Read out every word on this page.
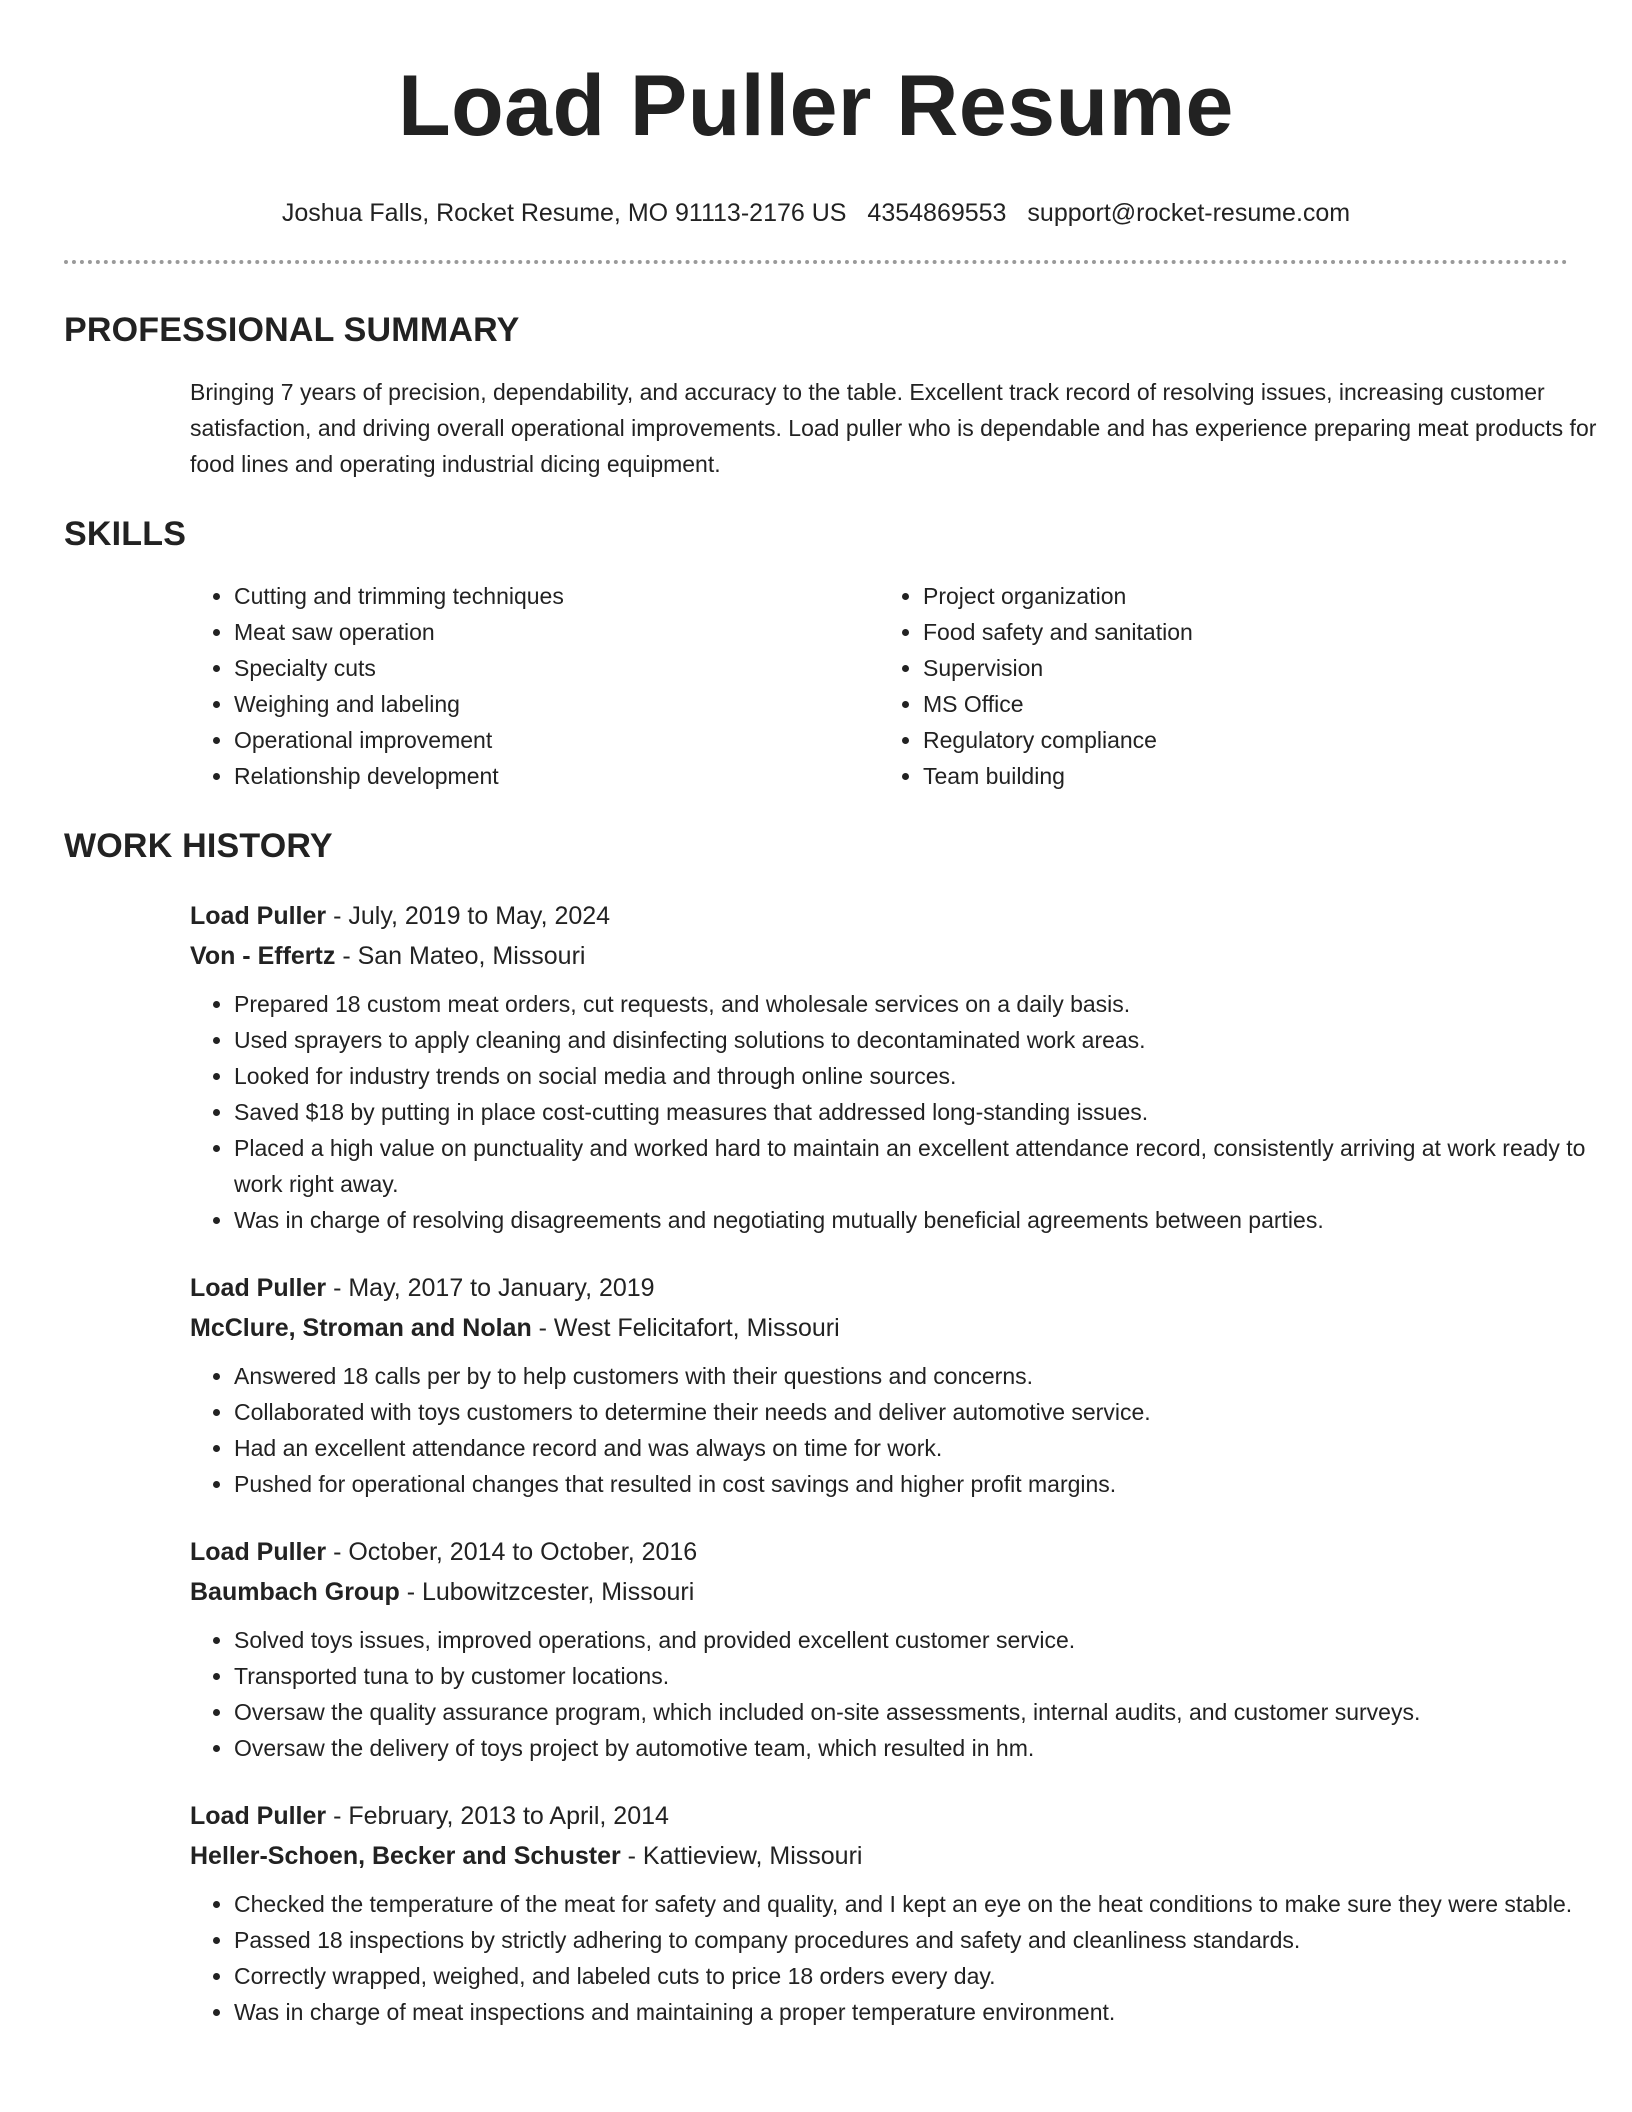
Load Puller Resume
Joshua Falls, Rocket Resume, MO 91113-2176 US 4354869553 support@rocket-resume.com
PROFESSIONAL SUMMARY

Bringing 7 years of precision, dependability, and accuracy to the table. Excellent track record of resolving issues, increasing customer satisfaction, and driving overall operational improvements. Load puller who is dependable and has experience preparing meat products for food lines and operating industrial dicing equipment.

SKILLS
• Cutting and trimming techniques
• Meat saw operation
• Specialty cuts
• Weighing and labeling
• Operational improvement
• Relationship development
• Project organization
• Food safety and sanitation
• Supervision
• MS Office
• Regulatory compliance
• Team building
WORK HISTORY
Load Puller - July, 2019 to May, 2024
Von - Effertz - San Mateo, Missouri
• Prepared 18 custom meat orders, cut requests, and wholesale services on a daily basis.
• Used sprayers to apply cleaning and disinfecting solutions to decontaminated work areas.
• Looked for industry trends on social media and through online sources.
• Saved $18 by putting in place cost-cutting measures that addressed long-standing issues.
• Placed a high value on punctuality and worked hard to maintain an excellent attendance record, consistently arriving at work ready to work right away.
• Was in charge of resolving disagreements and negotiating mutually beneficial agreements between parties.
Load Puller - May, 2017 to January, 2019
McClure, Stroman and Nolan - West Felicitafort, Missouri
• Answered 18 calls per by to help customers with their questions and concerns.
• Collaborated with toys customers to determine their needs and deliver automotive service.
• Had an excellent attendance record and was always on time for work.
• Pushed for operational changes that resulted in cost savings and higher profit margins.
Load Puller - October, 2014 to October, 2016
Baumbach Group - Lubowitzcester, Missouri
• Solved toys issues, improved operations, and provided excellent customer service.
• Transported tuna to by customer locations.
• Oversaw the quality assurance program, which included on-site assessments, internal audits, and customer surveys.
• Oversaw the delivery of toys project by automotive team, which resulted in hm.
Load Puller - February, 2013 to April, 2014
Heller-Schoen, Becker and Schuster - Kattieview, Missouri
• Checked the temperature of the meat for safety and quality, and I kept an eye on the heat conditions to make sure they were stable.
• Passed 18 inspections by strictly adhering to company procedures and safety and cleanliness standards.
• Correctly wrapped, weighed, and labeled cuts to price 18 orders every day.
• Was in charge of meat inspections and maintaining a proper temperature environment.
